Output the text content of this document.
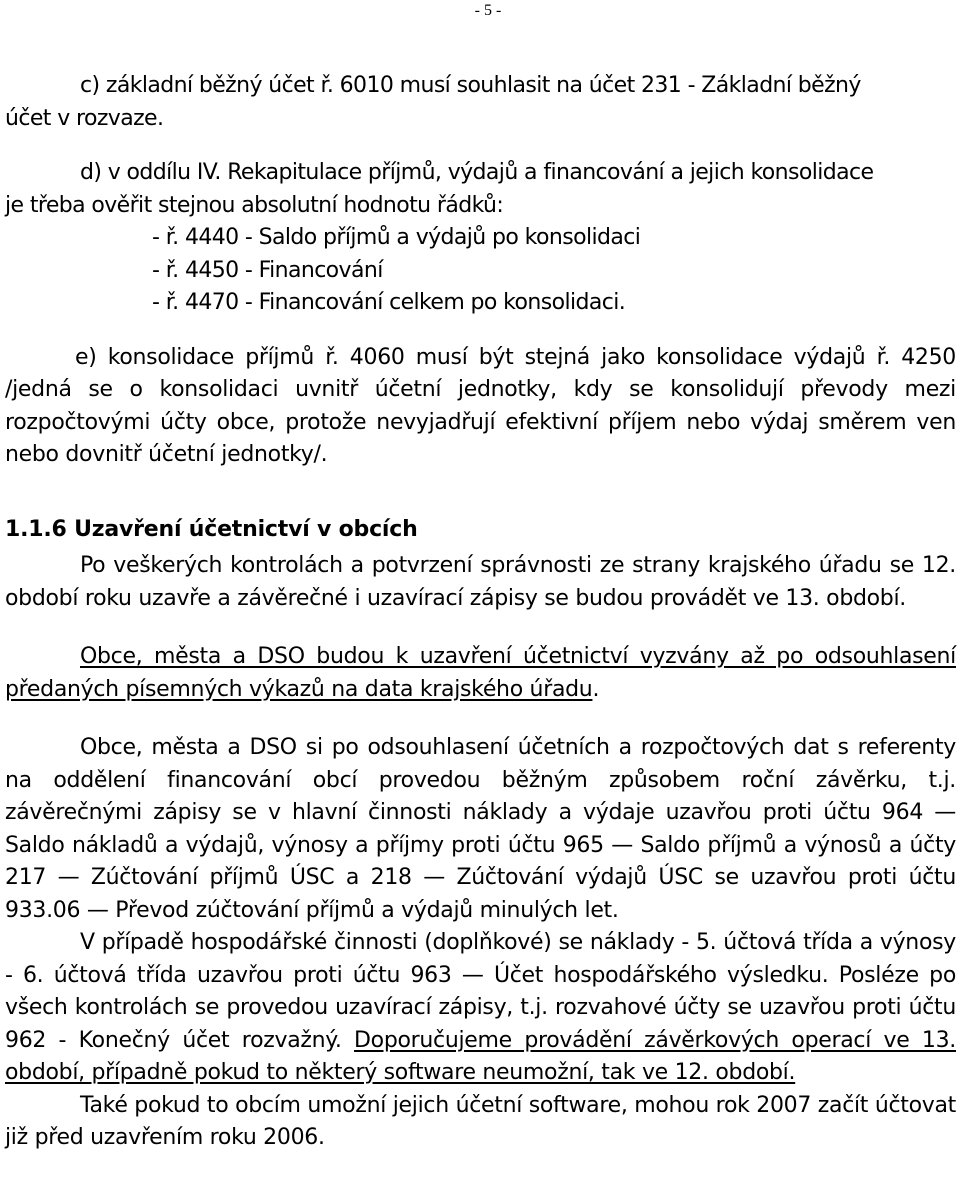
- 5 -

c) základní běžný účet ř. 6010 musí souhlasit na účet 231 - Základní běžný

účet v rozvaze.

d) v oddílu IV. Rekapitulace příjmů, výdajů a financování a jejich konsolidace

je třeba ověřit stejnou absolutní hodnotu řádků:

- ř. 4440 - Saldo příjmů a výdajů po konsolidaci

- ř. 4450 - Financování

- ř. 4470 - Financování celkem po konsolidaci.

e) konsolidace příjmů ř. 4060 musí být stejná jako konsolidace výdajů ř. 4250 /jedná se o konsolidaci uvnitř účetní jednotky, kdy se konsolidují převody mezi rozpočtovými účty obce, protože nevyjadřují efektivní příjem nebo výdaj směrem ven nebo dovnitř účetní jednotky/.

1.1.6 Uzavření účetnictví v obcích

Po veškerých kontrolách a potvrzení správnosti ze strany krajského úřadu se 12. období roku uzavře a závěrečné i uzavírací zápisy se budou provádět ve 13. období.

Obce, města a DSO budou k uzavření účetnictví vyzvány až po odsouhlasení předaných písemných výkazů na data krajského úřadu.

Obce, města a DSO si po odsouhlasení účetních a rozpočtových dat s referenty na oddělení financování obcí provedou běžným způsobem roční závěrku, t.j. závěrečnými zápisy se v hlavní činnosti náklady a výdaje uzavřou proti účtu 964 — Saldo nákladů a výdajů, výnosy a příjmy proti účtu 965 — Saldo příjmů a výnosů a účty 217 — Zúčtování příjmů ÚSC a 218 — Zúčtování výdajů ÚSC se uzavřou proti účtu 933.06 — Převod zúčtování příjmů a výdajů minulých let.

V případě hospodářské činnosti (doplňkové) se náklady - 5. účtová třída a výnosy - 6. účtová třída uzavřou proti účtu 963 — Účet hospodářského výsledku. Posléze po všech kontrolách se provedou uzavírací zápisy, t.j. rozvahové účty se uzavřou proti účtu 962 - Konečný účet rozvažný. Doporučujeme provádění závěrkových operací ve 13. období, případně pokud to některý software neumožní, tak ve 12. období.

Také pokud to obcím umožní jejich účetní software, mohou rok 2007 začít účtovat již před uzavřením roku 2006.
